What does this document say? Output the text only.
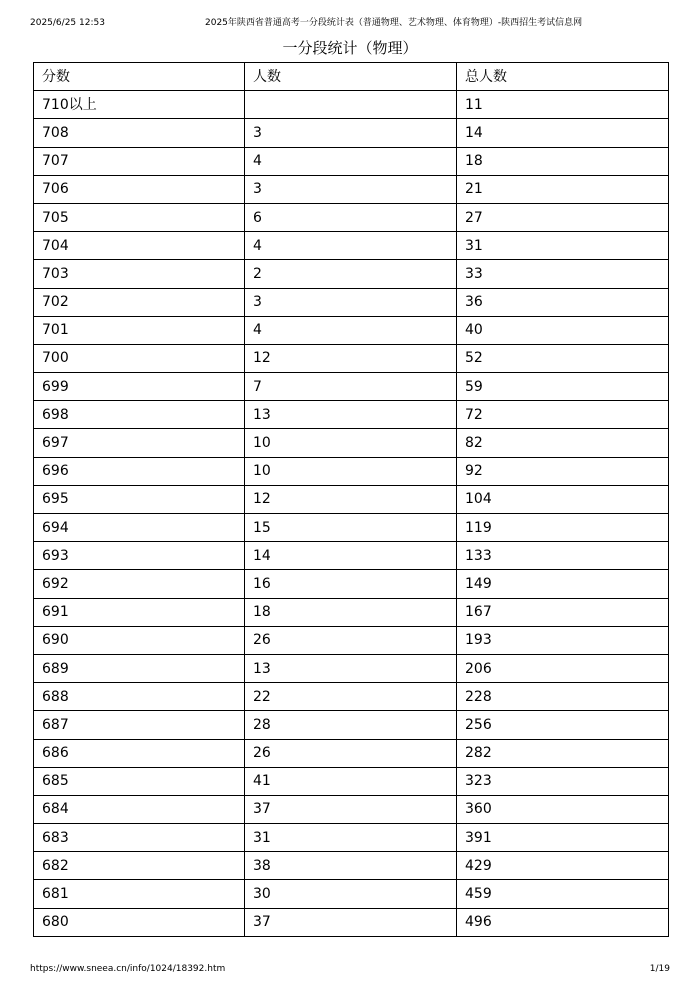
2025/6/25 12:53	2025年陕西省普通高考一分段统计表（普通物理、艺术物理、体育物理）-陕西招生考试信息网
一分段统计（物理）
分数	人数	总人数
710以上		11
708	3	14
707	4	18
706	3	21
705	6	27
704	4	31
703	2	33
702	3	36
701	4	40
700	12	52
699	7	59
698	13	72
697	10	82
696	10	92
695	12	104
694	15	119
693	14	133
692	16	149
691	18	167
690	26	193
689	13	206
688	22	228
687	28	256
686	26	282
685	41	323
684	37	360
683	31	391
682	38	429
681	30	459
680	37	496
https://www.sneea.cn/info/1024/18392.htm	1/19
